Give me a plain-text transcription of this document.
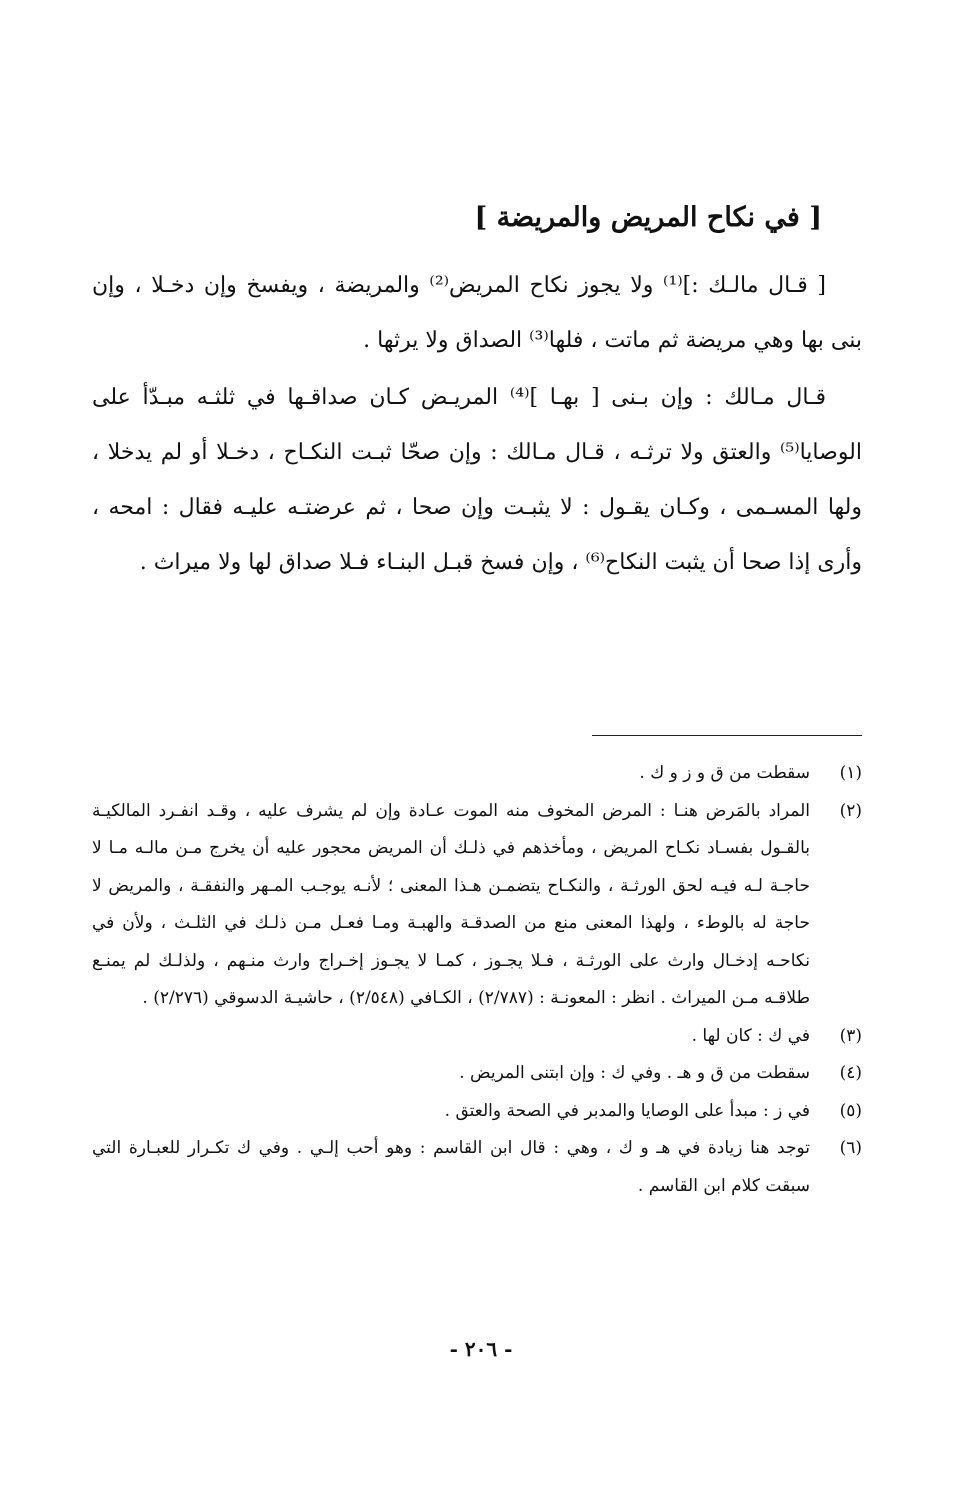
[ في نكاح المريض والمريضة ]

[ قـال مالـك :]⁽¹⁾ ولا يجوز نكاح المريض⁽²⁾ والمريضة ، ويفسخ وإن دخـلا ، وإن بنى بها وهي مريضة ثم ماتت ، فلها⁽³⁾ الصداق ولا يرثها .

قـال مـالك : وإن بـنى [ بهـا ]⁽⁴⁾ المريـض كـان صداقـها في ثلثـه مبـدّأ على الوصايا⁽⁵⁾ والعتق ولا ترثـه ، قـال مـالك : وإن صحّا ثبـت النكـاح ، دخـلا أو لم يدخلا ، ولها المسـمى ، وكـان يقـول : لا يثبـت وإن صحا ، ثم عرضتـه عليـه فقال : امحه ، وأرى إذا صحا أن يثبت النكاح⁽⁶⁾ ، وإن فسخ قبـل البنـاء فـلا صداق لها ولا ميراث .

(١)
سقطت من ق و ز و ك .
(٢)
المراد بالمَرض هنـا : المرض المخوف منه الموت عـادة وإن لم يشرف عليه ، وقـد انفـرد المالكيـة بالقـول بفسـاد نكـاح المريض ، ومأخذهم في ذلـك أن المريض محجور عليه أن يخرج مـن مالـه مـا لا حاجـة لـه فيـه لحق الورثـة ، والنكـاح يتضمـن هـذا المعنى ؛ لأنـه يوجـب المـهر والنفقـة ، والمريض لا حاجة له بالوطء ، ولهذا المعنى منع من الصدقـة والهبـة ومـا فعـل مـن ذلـك في الثلـث ، ولأن في نكاحـه إدخـال وارث على الورثـة ، فـلا يجـوز ، كمـا لا يجـوز إخـراج وارث منـهم ، ولذلـك لم يمنـع طلاقـه مـن الميراث . انظر : المعونـة : (٢/٧٨٧) ، الكـافي (٢/٥٤٨) ، حاشيـة الدسوقي (٢/٢٧٦) .
(٣)
في ك : كان لها .
(٤)
سقطت من ق و هـ . وفي ك : وإن ابتنى المريض .
(٥)
في ز : مبدأ على الوصايا والمدبر في الصحة والعتق .
(٦)
توجد هنا زيادة في هـ و ك ، وهي : قال ابن القاسم : وهو أحب إلـي . وفي ك تكـرار للعبـارة التي سبقت كلام ابن القاسم .
- ٢٠٦ -
